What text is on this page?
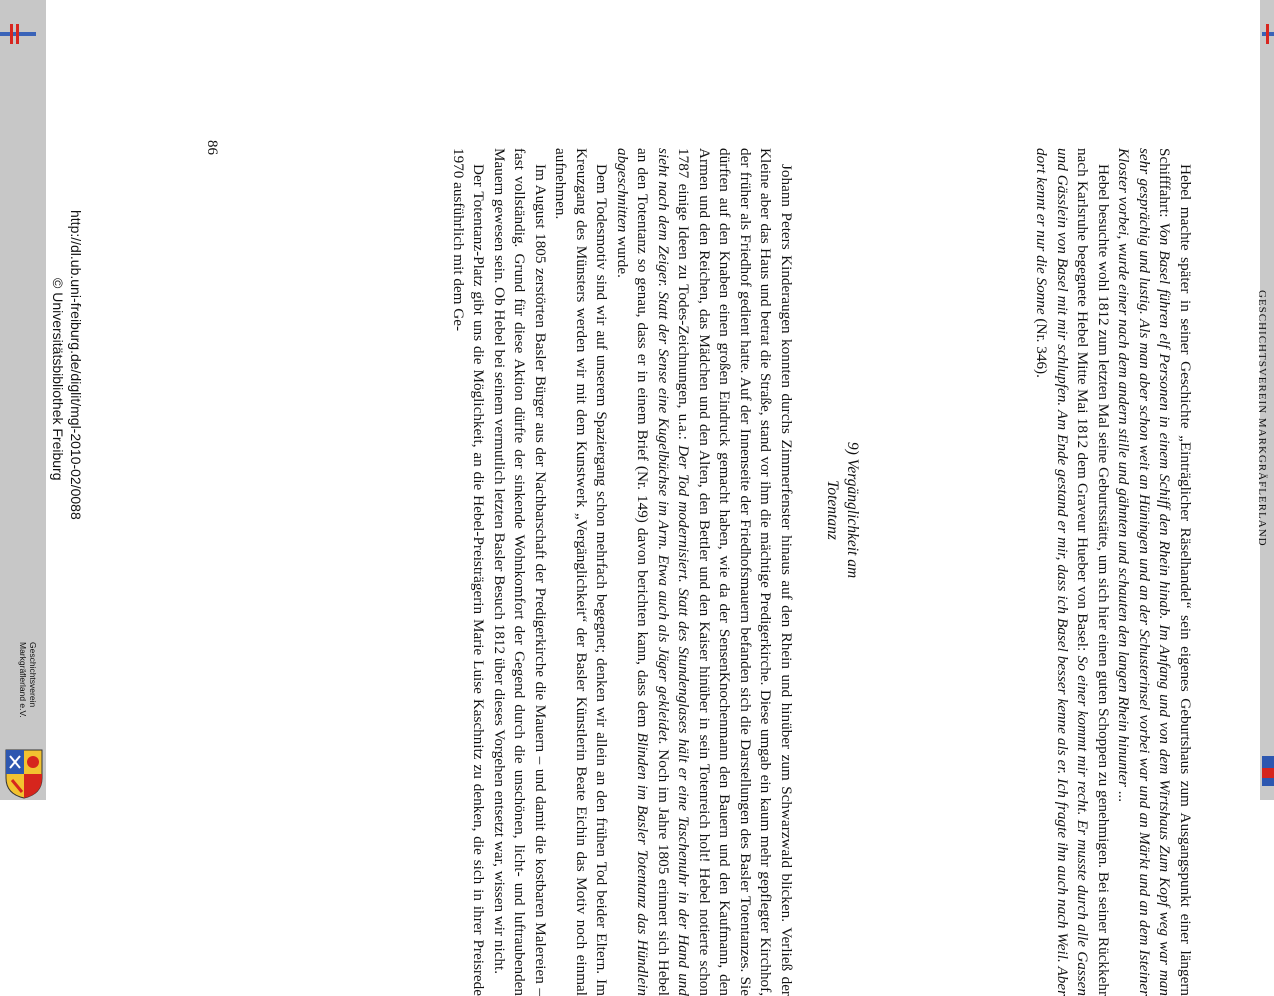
GESCHICHTSVEREIN MARKGRÄFLERLAND

Hebel machte später in seiner Geschichte „Einträglicher Räselhandel“ sein eigenes Geburtshaus zum Ausgangspunkt einer längern Schifffahrt: Von Basel führen elf Personen in einem Schiff den Rhein hinab. Im Anfang und von dem Wirtshaus Zum Kopf weg war man sehr gesprächig und lustig. Als man aber schon weit an Hüningen und an der Schusterinsel vorbei war und an Märkt und an dem Isteiner Kloster vorbei, wurde einer nach dem andern stille und gähnten und schauten den langen Rhein hinunter ...

Hebel besuchte wohl 1812 zum letzten Mal seine Geburtsstätte, um sich hier einen guten Schoppen zu genehmigen. Bei seiner Rückkehr nach Karlsruhe begegnete Hebel Mitte Mai 1812 dem Graveur Hueber von Basel: So einer kommt mir recht. Er musste durch alle Gassen und Gässlein von Basel mit mir schlupfen. Am Ende gestand er mir, dass ich Basel besser kenne als er. Ich fragte ihn auch nach Weil. Aber dort kennt er nur die Sonne (Nr. 346).

9) Vergänglichkeit am
Totentanz

Johann Peters Kinderaugen konnten durchs Zimmerfenster hinaus auf den Rhein und hinüber zum Schwarzwald blicken. Verließ der Kleine aber das Haus und betrat die Straße, stand vor ihm die mächtige Predigerkirche. Diese umgab ein kaum mehr gepflegter Kirchhof, der früher als Friedhof gedient hatte. Auf der Innenseite der Friedhofsmauern befanden sich die Darstellungen des Basler Totentanzes. Sie dürften auf den Knaben einen großen Eindruck gemacht haben, wie da der SensenKnochenmann den Bauern und den Kaufmann, den Armen und den Reichen, das Mädchen und den Alten, den Bettler und den Kaiser hinüber in sein Totenreich holt! Hebel notierte schon 1787 einige Ideen zu Todes-Zeichnungen, u.a.: Der Tod modernisiert. Statt des Stundenglases hält er eine Taschenuhr in der Hand und sieht nach dem Zeiger. Statt der Sense eine Kugelbüchse im Arm. Etwa auch als Jäger gekleidet. Noch im Jahre 1805 erinnert sich Hebel an den Totentanz so genau, dass er in einem Brief (Nr. 149) davon berichten kann, dass dem Blinden im Basler Totentanz das Hündlein abgeschnitten wurde.

Dem Todesmotiv sind wir auf unserem Spaziergang schon mehrfach begegnet; denken wir allein an den frühen Tod beider Eltern. Im Kreuzgang des Münsters werden wir mit dem Kunstwerk „Vergänglichkeit“ der Basler Künstlerin Beate Eichin das Motiv noch einmal aufnehmen.

Im August 1805 zerstörten Basler Bürger aus der Nachbarschaft der Predigerkirche die Mauern – und damit die kostbaren Malereien – fast vollständig. Grund für diese Aktion dürfte der sinkende Wohnkomfort der Gegend durch die unschönen, licht- und luftraubenden Mauern gewesen sein. Ob Hebel bei seinem vermutlich letzten Basler Besuch 1812 über dieses Vorgehen entsetzt war, wissen wir nicht.

Der Totentanz-Platz gibt uns die Möglichkeit, an die Hebel-Preisträgerin Marie Luise Kaschnitz zu denken, die sich in ihrer Preisrede 1970 ausführlich mit dem Ge-

86
http://dl.ub.uni-freiburg.de/diglit/mgl-2010-02/0088
© Universitätsbibliothek Freiburg
Geschichtsverein
Markgräflerland e.V.
